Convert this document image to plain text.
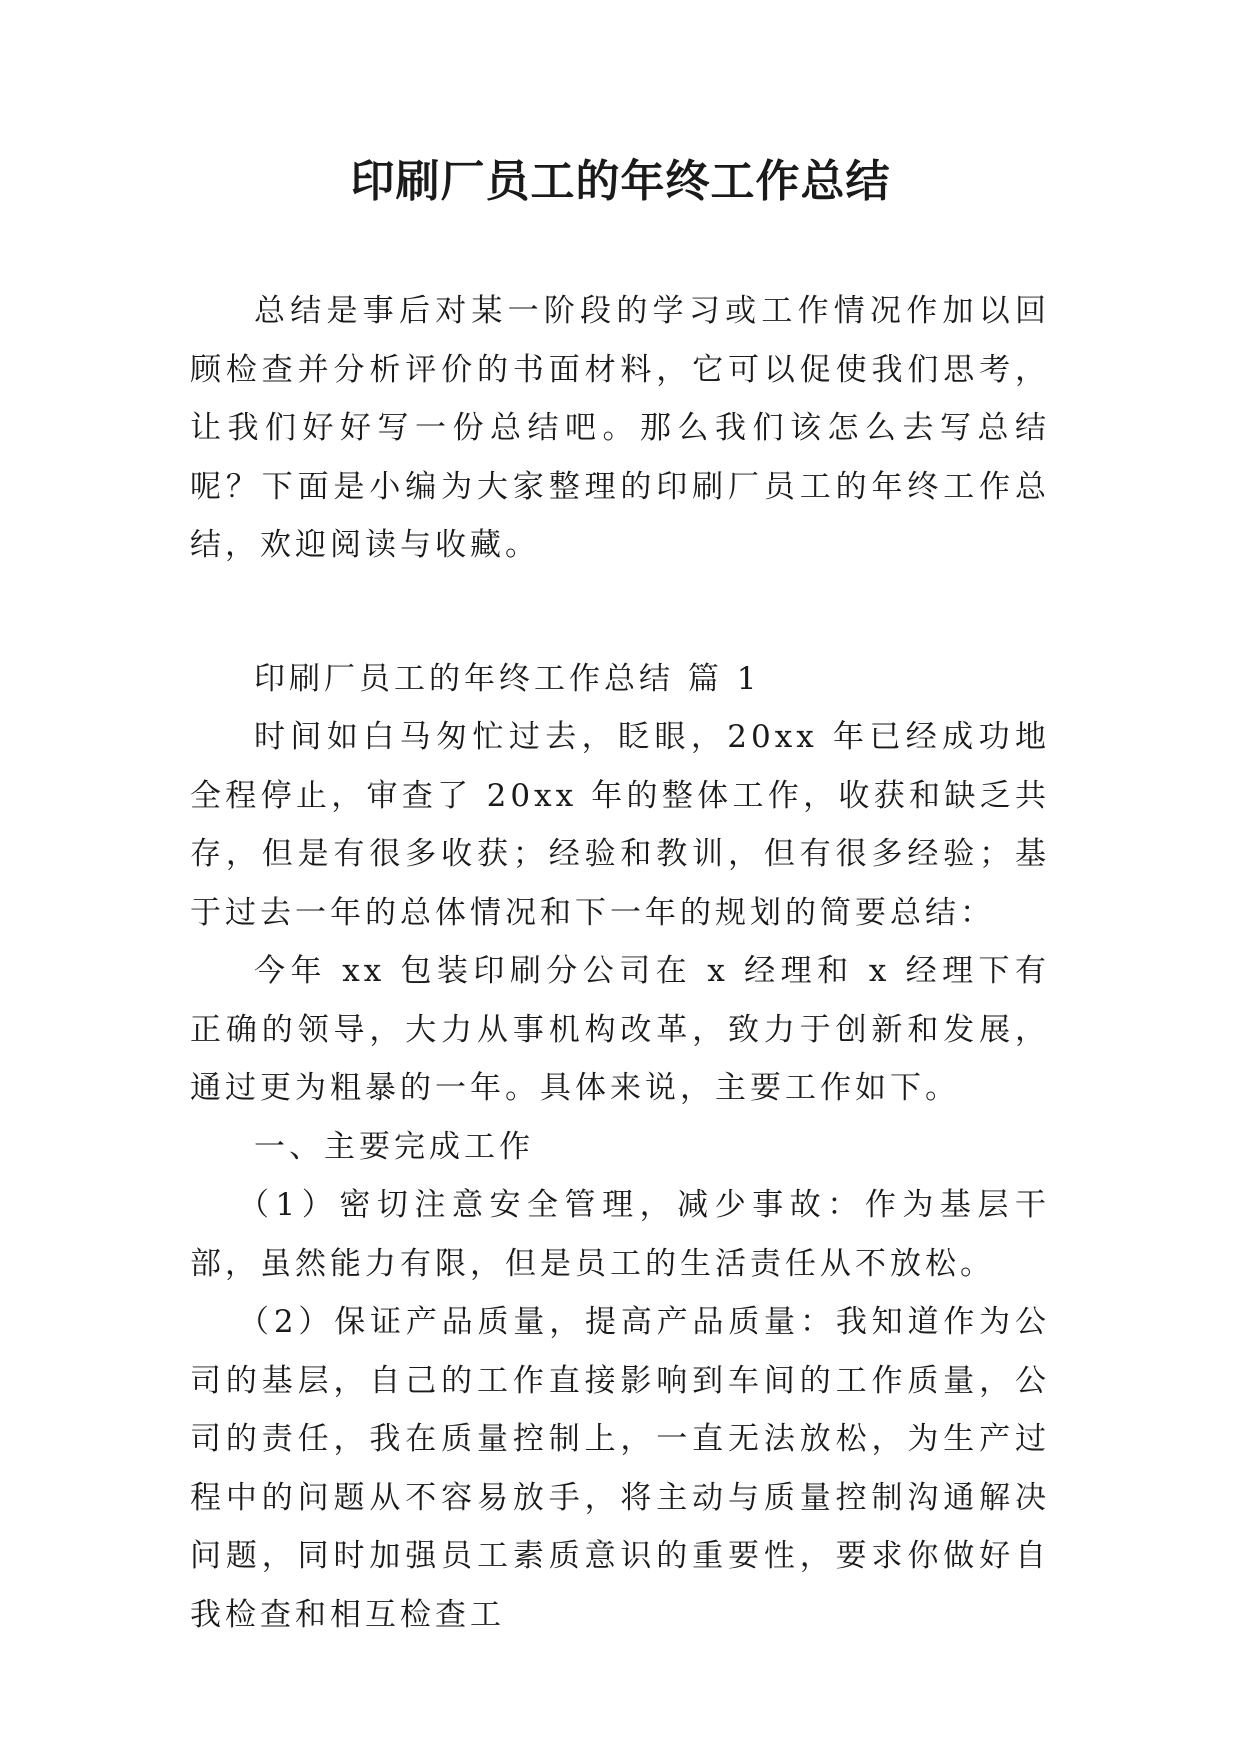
印刷厂员工的年终工作总结

总结是事后对某一阶段的学习或工作情况作加以回顾检查并分析评价的书面材料，它可以促使我们思考，让我们好好写一份总结吧。那么我们该怎么去写总结呢？下面是小编为大家整理的印刷厂员工的年终工作总结，欢迎阅读与收藏。

印刷厂员工的年终工作总结 篇 1

时间如白马匆忙过去，眨眼，20xx 年已经成功地全程停止，审查了 20xx 年的整体工作，收获和缺乏共存，但是有很多收获；经验和教训，但有很多经验；基于过去一年的总体情况和下一年的规划的简要总结：

今年 xx 包装印刷分公司在 x 经理和 x 经理下有正确的领导，大力从事机构改革，致力于创新和发展，通过更为粗暴的一年。具体来说，主要工作如下。

一、主要完成工作

（1）密切注意安全管理，减少事故：作为基层干部，虽然能力有限，但是员工的生活责任从不放松。

（2）保证产品质量，提高产品质量：我知道作为公司的基层，自己的工作直接影响到车间的工作质量，公司的责任，我在质量控制上，一直无法放松，为生产过程中的问题从不容易放手，将主动与质量控制沟通解决问题，同时加强员工素质意识的重要性，要求你做好自我检查和相互检查工
